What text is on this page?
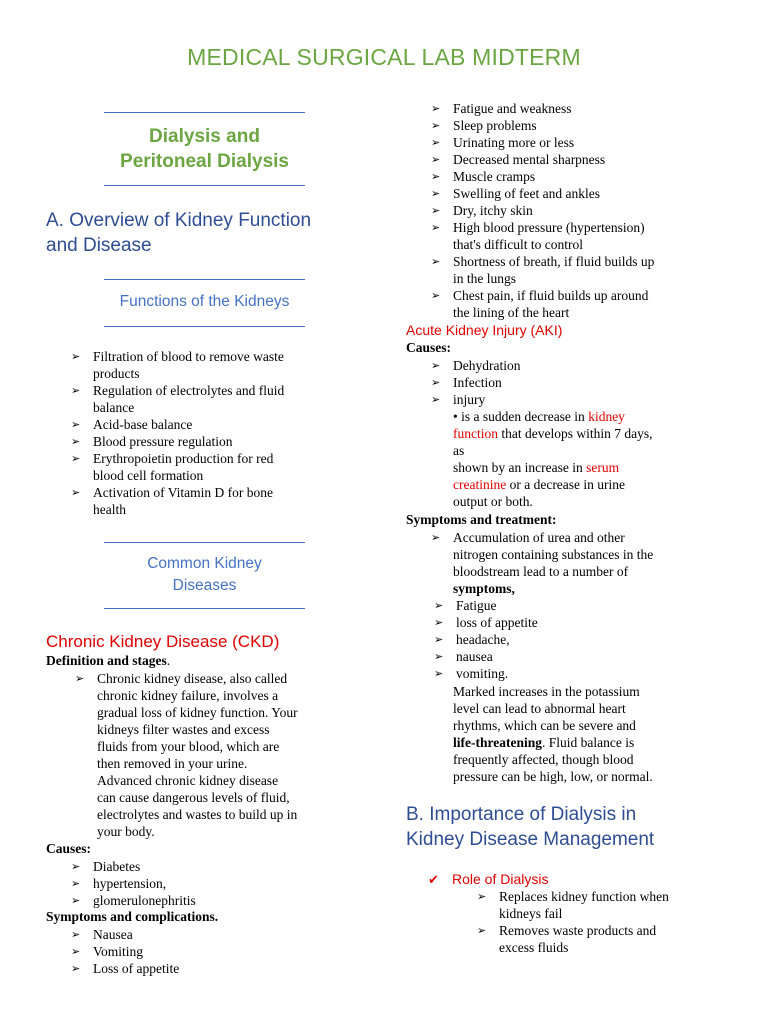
MEDICAL SURGICAL LAB MIDTERM
Dialysis and
Peritoneal Dialysis
A. Overview of Kidney Function
and Disease
Functions of the Kidneys
➢ Filtration of blood to remove waste
products
➢ Regulation of electrolytes and fluid
balance
➢ Acid-base balance
➢ Blood pressure regulation
➢ Erythropoietin production for red
blood cell formation
➢ Activation of Vitamin D for bone
health
Common Kidney
Diseases
Chronic Kidney Disease (CKD)
Definition and stages.
Chronic kidney disease, also called
chronic kidney failure, involves a
gradual loss of kidney function. Your
kidneys filter wastes and excess
fluids from your blood, which are
then removed in your urine.
Advanced chronic kidney disease
can cause dangerous levels of fluid,
electrolytes and wastes to build up in
your body.
➢
Causes:
➢ Diabetes
➢ hypertension,
➢ glomerulonephritis
Symptoms and complications.
➢ Nausea
➢ Vomiting
➢ Loss of appetite
➢ Fatigue and weakness
➢ Sleep problems
➢ Urinating more or less
➢ Decreased mental sharpness
➢ Muscle cramps
➢ Swelling of feet and ankles
➢ Dry, itchy skin
➢ High blood pressure (hypertension)
that's difficult to control
➢ Shortness of breath, if fluid builds up
in the lungs
➢ Chest pain, if fluid builds up around
the lining of the heart
Acute Kidney Injury (AKI)
Causes:
➢ Dehydration
➢ Infection
➢ injury
• is a sudden decrease in kidney
function that develops within 7 days,
as
shown by an increase in serum
creatinine or a decrease in urine
output or both.
Symptoms and treatment:
➢ Accumulation of urea and other
nitrogen containing substances in the
bloodstream lead to a number of
symptoms,
➢ Fatigue
➢ loss of appetite
➢ headache,
➢ nausea
➢ vomiting.
Marked increases in the potassium
level can lead to abnormal heart
rhythms, which can be severe and
life-threatening. Fluid balance is
frequently affected, though blood
pressure can be high, low, or normal.
B. Importance of Dialysis in
Kidney Disease Management
✔ Role of Dialysis
➢ Replaces kidney function when
kidneys fail
➢ Removes waste products and
excess fluids
